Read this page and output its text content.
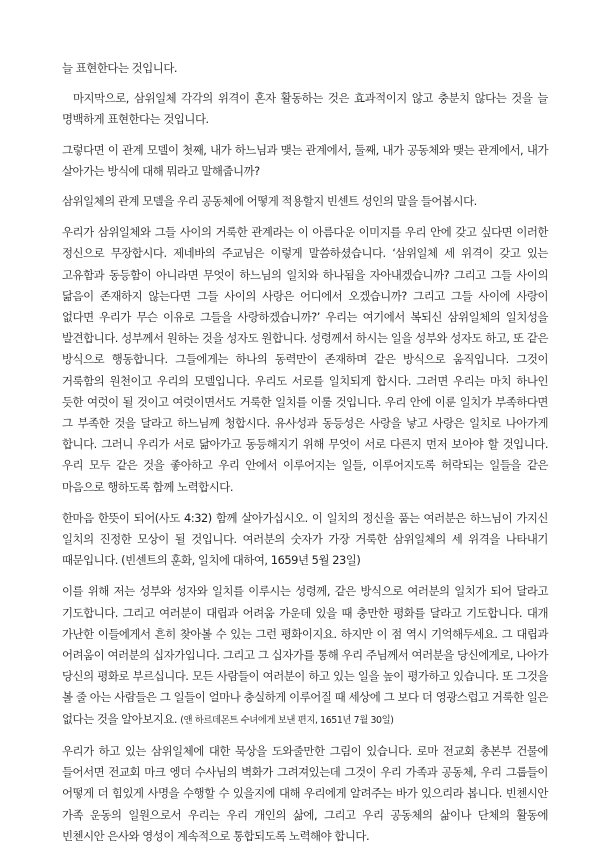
늘 표현한다는 것입니다.

마지막으로, 삼위일체 각각의 위격이 혼자 활동하는 것은 효과적이지 않고 충분치 않다는 것을 늘 명백하게 표현한다는 것입니다.

그렇다면 이 관계 모델이 첫째, 내가 하느님과 맺는 관계에서, 둘째, 내가 공동체와 맺는 관계에서, 내가 살아가는 방식에 대해 뭐라고 말해줍니까?

삼위일체의 관계 모델을 우리 공동체에 어떻게 적용할지 빈센트 성인의 말을 들어봅시다.

우리가 삼위일체와 그들 사이의 거룩한 관계라는 이 아름다운 이미지를 우리 안에 갖고 싶다면 이러한 정신으로 무장합시다. 제네바의 주교님은 이렇게 말씀하셨습니다. ‘삼위일체 세 위격이 갖고 있는 고유함과 동등함이 아니라면 무엇이 하느님의 일치와 하나됨을 자아내겠습니까? 그리고 그들 사이의 닮음이 존재하지 않는다면 그들 사이의 사랑은 어디에서 오겠습니까? 그리고 그들 사이에 사랑이 없다면 우리가 무슨 이유로 그들을 사랑하겠습니까?’ 우리는 여기에서 복되신 삼위일체의 일치성을 발견합니다. 성부께서 원하는 것을 성자도 원합니다. 성령께서 하시는 일을 성부와 성자도 하고, 또 같은 방식으로 행동합니다. 그들에게는 하나의 동력만이 존재하며 같은 방식으로 움직입니다. 그것이 거룩함의 원천이고 우리의 모델입니다. 우리도 서로를 일치되게 합시다. 그러면 우리는 마치 하나인 듯한 여럿이 될 것이고 여럿이면서도 거룩한 일치를 이룰 것입니다. 우리 안에 이룬 일치가 부족하다면 그 부족한 것을 달라고 하느님께 청합시다. 유사성과 동등성은 사랑을 낳고 사랑은 일치로 나아가게 합니다. 그러니 우리가 서로 닮아가고 동등해지기 위해 무엇이 서로 다른지 먼저 보아야 할 것입니다. 우리 모두 같은 것을 좋아하고 우리 안에서 이루어지는 일들, 이루어지도록 허락되는 일들을 같은 마음으로 행하도록 함께 노력합시다.

한마음 한뜻이 되어(사도 4:32) 함께 살아가십시오. 이 일치의 정신을 품는 여러분은 하느님이 가지신 일치의 진정한 모상이 될 것입니다. 여러분의 숫자가 가장 거룩한 삼위일체의 세 위격을 나타내기 때문입니다. (빈센트의 훈화, 일치에 대하여, 1659년 5월 23일)

이를 위해 저는 성부와 성자와 일치를 이루시는 성령께, 같은 방식으로 여러분의 일치가 되어 달라고 기도합니다. 그리고 여러분이 대립과 어려움 가운데 있을 때 충만한 평화를 달라고 기도합니다. 대개 가난한 이들에게서 흔히 찾아볼 수 있는 그런 평화이지요. 하지만 이 점 역시 기억해두세요. 그 대립과 어려움이 여러분의 십자가입니다. 그리고 그 십자가를 통해 우리 주님께서 여러분을 당신에게로, 나아가 당신의 평화로 부르십니다. 모든 사람들이 여러분이 하고 있는 일을 높이 평가하고 있습니다. 또 그것을 볼 줄 아는 사람들은 그 일들이 얼마나 충실하게 이루어질 때 세상에 그 보다 더 영광스럽고 거룩한 일은 없다는 것을 알아보지요. (앤 하르데몬트 수녀에게 보낸 편지, 1651년 7월 30일)

우리가 하고 있는 삼위일체에 대한 묵상을 도와줄만한 그림이 있습니다. 로마 전교회 총본부 건물에 들어서면 전교회 마크 엥더 수사님의 벽화가 그려져있는데 그것이 우리 가족과 공동체, 우리 그룹들이 어떻게 더 힘있게 사명을 수행할 수 있을지에 대해 우리에게 알려주는 바가 있으리라 봅니다. 빈첸시안 가족 운동의 일원으로서 우리는 우리 개인의 삶에, 그리고 우리 공동체의 삶이나 단체의 활동에 빈첸시안 은사와 영성이 계속적으로 통합되도록 노력해야 합니다.
